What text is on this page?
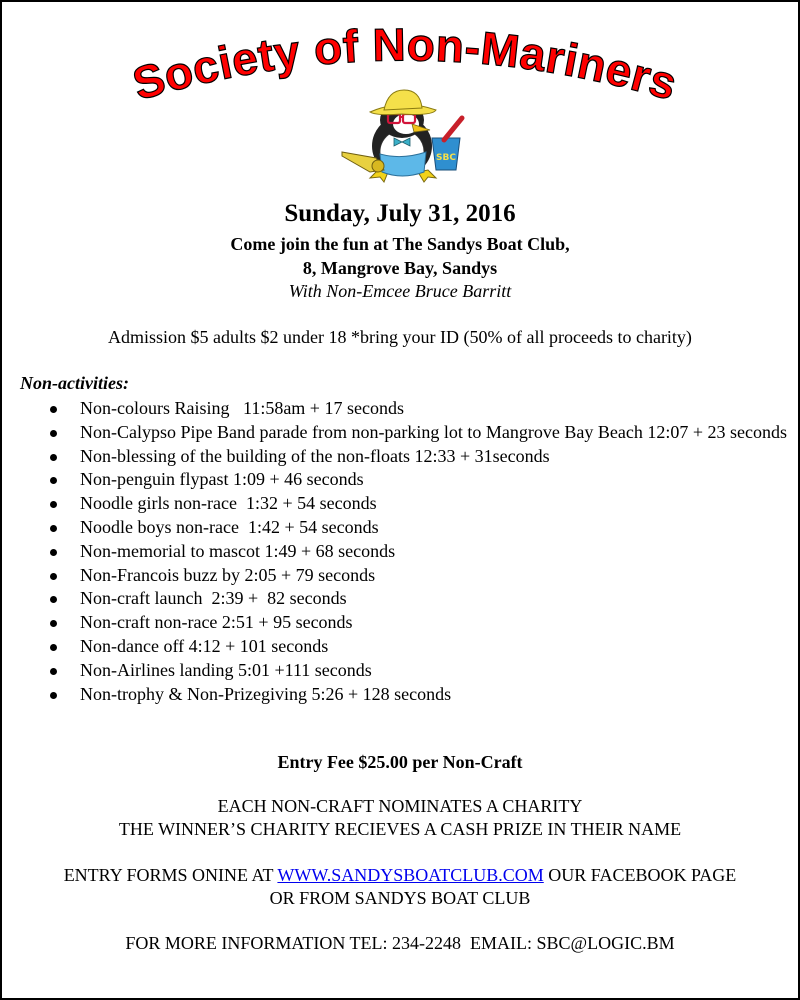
Society of Non-Mariners
SBC
Sunday, July 31, 2016
Come join the fun at The Sandys Boat Club,
8, Mangrove Bay, Sandys
With Non-Emcee Bruce Barritt
Admission $5 adults $2 under 18 *bring your ID (50% of all proceeds to charity)
Non-activities:
Non-colours Raising   11:58am + 17 seconds
Non-Calypso Pipe Band parade from non-parking lot to Mangrove Bay Beach 12:07 + 23 seconds
Non-blessing of the building of the non-floats 12:33 + 31seconds
Non-penguin flypast 1:09 + 46 seconds
Noodle girls non-race  1:32 + 54 seconds
Noodle boys non-race  1:42 + 54 seconds
Non-memorial to mascot 1:49 + 68 seconds
Non-Francois buzz by 2:05 + 79 seconds
Non-craft launch  2:39 +  82 seconds
Non-craft non-race 2:51 + 95 seconds
Non-dance off 4:12 + 101 seconds
Non-Airlines landing 5:01 +111 seconds
Non-trophy & Non-Prizegiving 5:26 + 128 seconds
Entry Fee $25.00 per Non-Craft
EACH NON-CRAFT NOMINATES A CHARITY
THE WINNER’S CHARITY RECIEVES A CASH PRIZE IN THEIR NAME
ENTRY FORMS ONINE AT WWW.SANDYSBOATCLUB.COM OUR FACEBOOK PAGE
OR FROM SANDYS BOAT CLUB
FOR MORE INFORMATION TEL: 234-2248  EMAIL: SBC@LOGIC.BM
